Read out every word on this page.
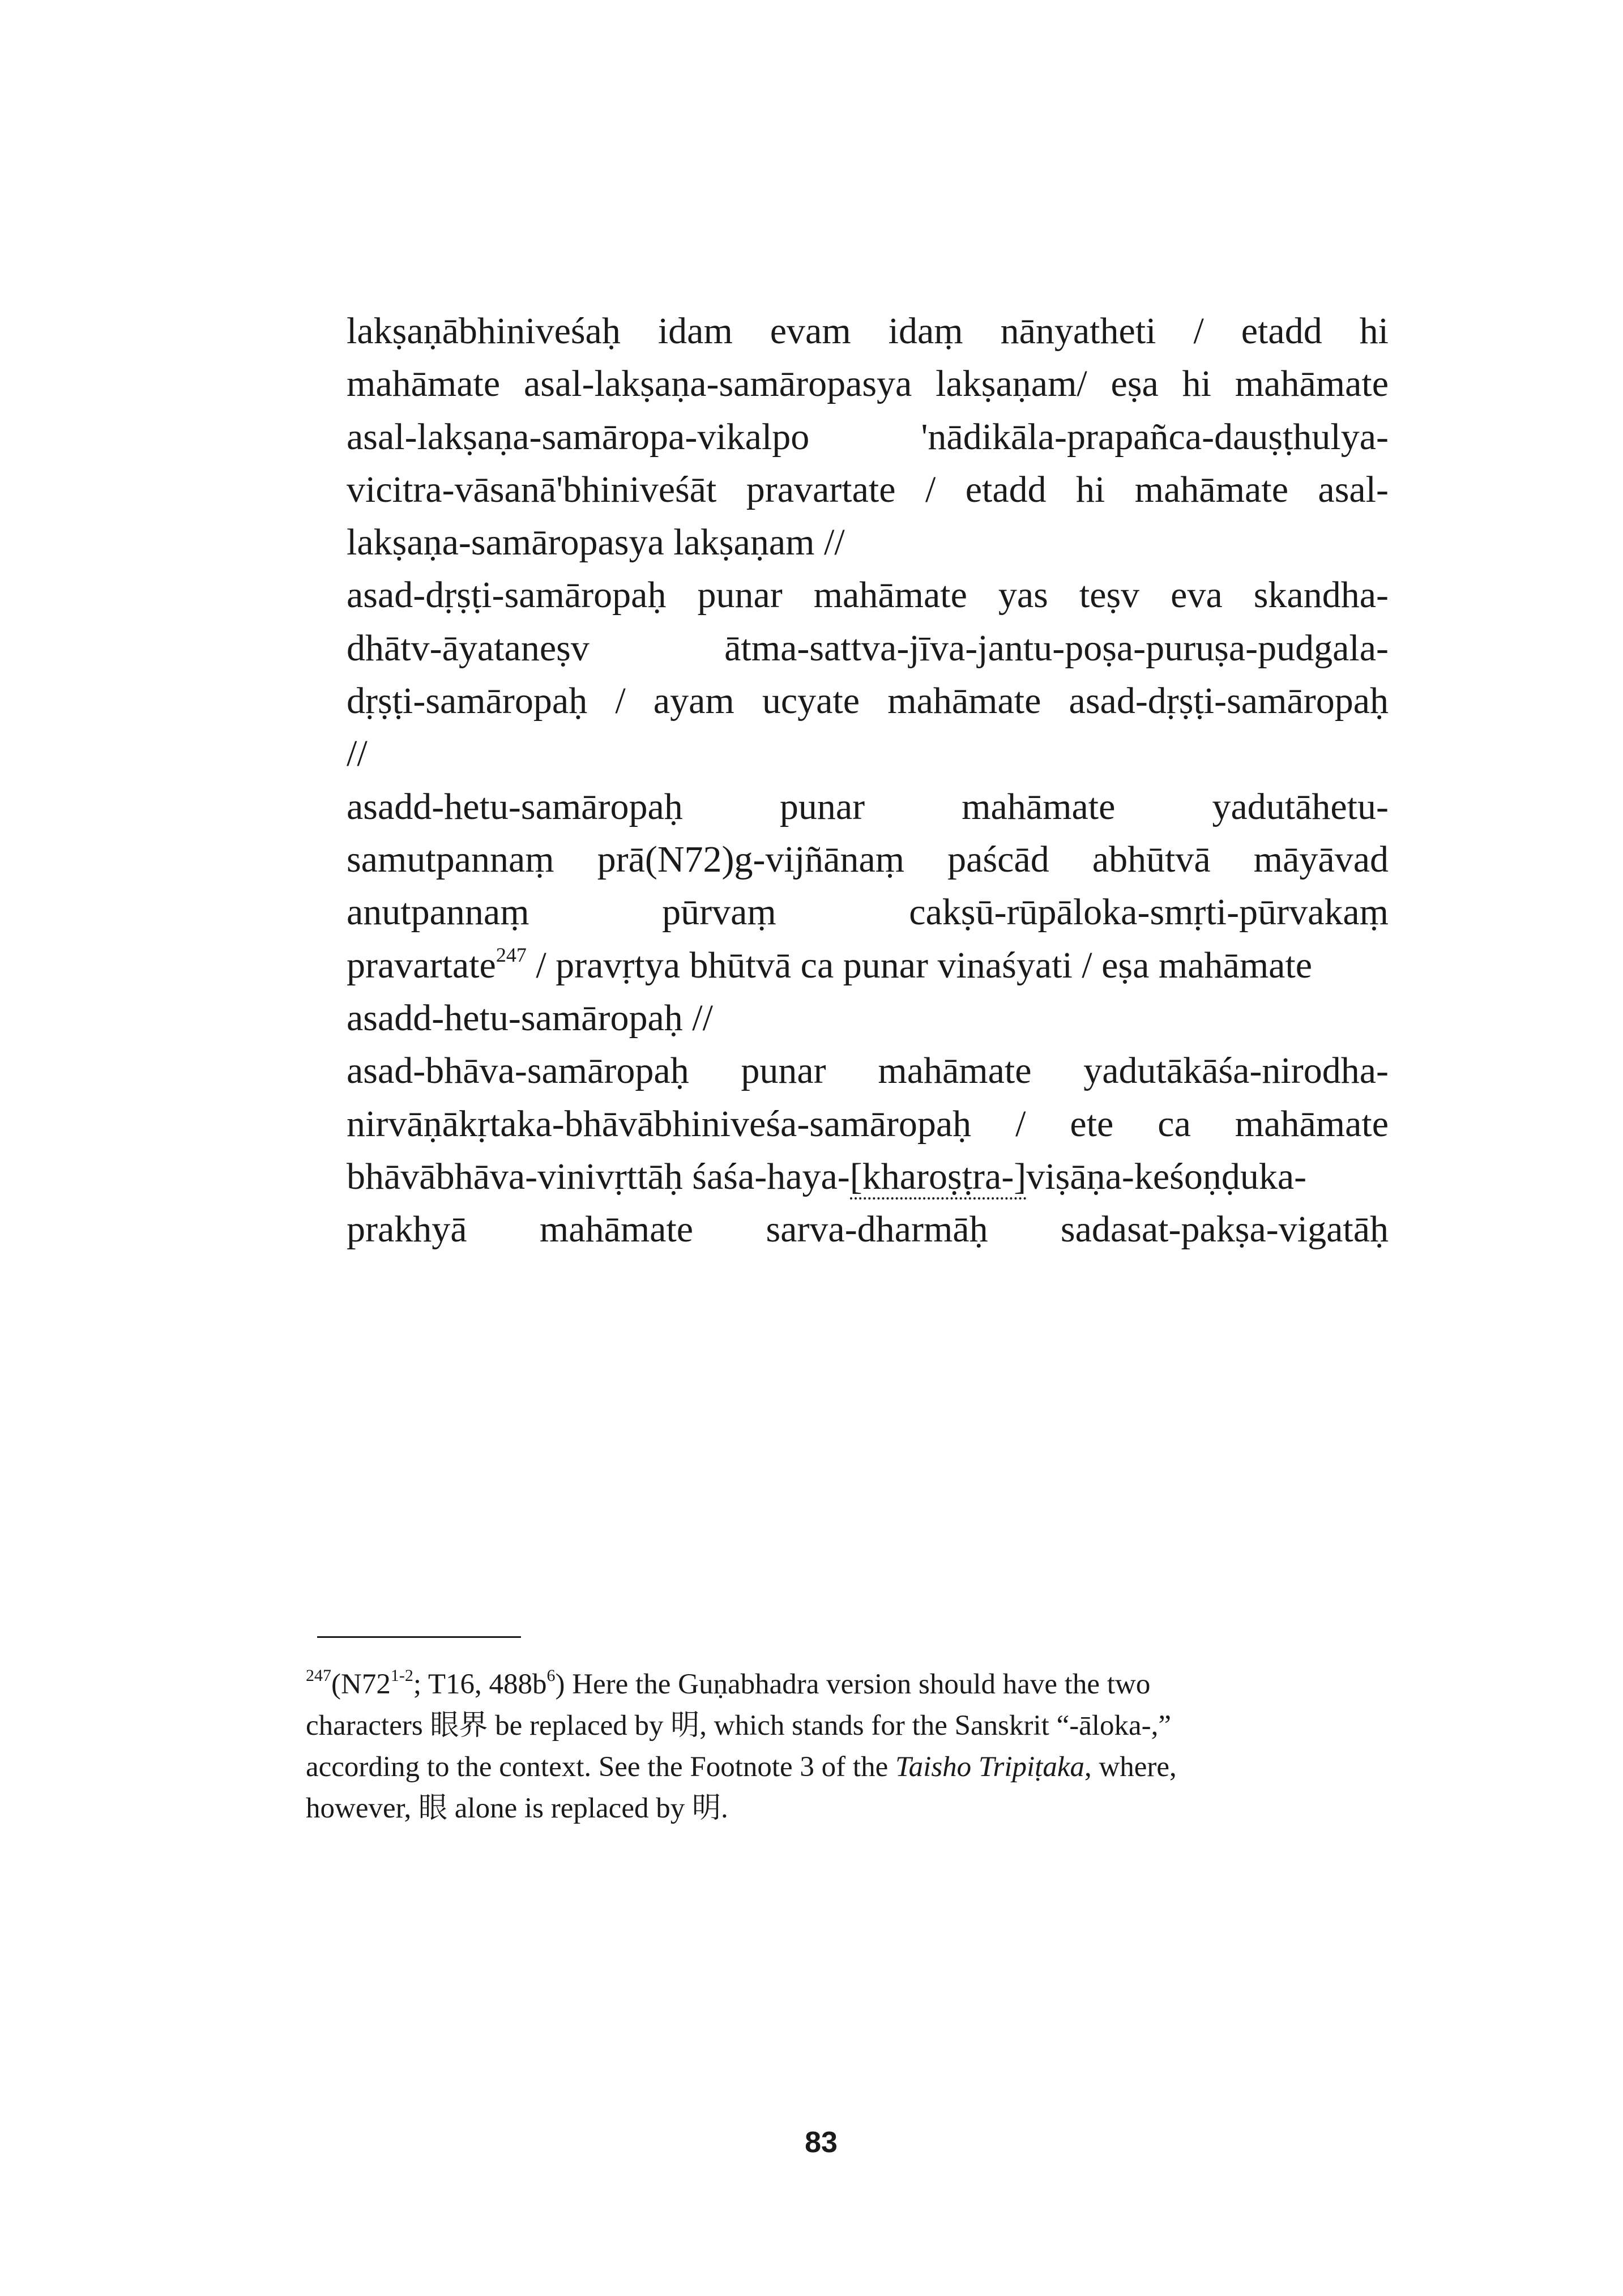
lakṣaṇābhiniveśaḥ idam evam idaṃ nānyatheti / etadd hi
mahāmate asal-lakṣaṇa-samāropasya lakṣaṇam/ eṣa hi mahāmate
asal-lakṣaṇa-samāropa-vikalpo 'nādikāla-prapañca-dauṣṭhulya-
vicitra-vāsanā'bhiniveśāt pravartate / etadd hi mahāmate asal-
lakṣaṇa-samāropasya lakṣaṇam //
asad-dṛṣṭi-samāropaḥ punar mahāmate yas teṣv eva skandha-
dhātv-āyataneṣv ātma-sattva-jīva-jantu-poṣa-puruṣa-pudgala-
dṛṣṭi-samāropaḥ / ayam ucyate mahāmate asad-dṛṣṭi-samāropaḥ
//
asadd-hetu-samāropaḥ punar mahāmate yadutāhetu-
samutpannaṃ prā(N72)g-vijñānaṃ paścād abhūtvā māyāvad
anutpannaṃ pūrvaṃ cakṣū-rūpāloka-smṛti-pūrvakaṃ
pravartate$^{247}$ / pravṛtya bhūtvā ca punar vinaśyati / eṣa mahāmate
asadd-hetu-samāropaḥ //
asad-bhāva-samāropaḥ punar mahāmate yadutākāśa-nirodha-
nirvāṇākṛtaka-bhāvābhiniveśa-samāropaḥ / ete ca mahāmate
bhāvābhāva-vinivṛttāḥ śaśa-haya-[kharoṣṭra-]viṣāṇa-keśoṇḍuka-
prakhyā mahāmate sarva-dharmāḥ sadasat-pakṣa-vigatāḥ
$^{247}$(N72$^{1-2}$; T16, $488b^6$) Here the Guṇabhadra version should have the two
characters 眼界 be replaced by 明, which stands for the Sanskrit “-āloka-,”
according to the context. See the Footnote 3 of the Taisho Tripiṭaka, where,
however, 眼 alone is replaced by 明.
83
